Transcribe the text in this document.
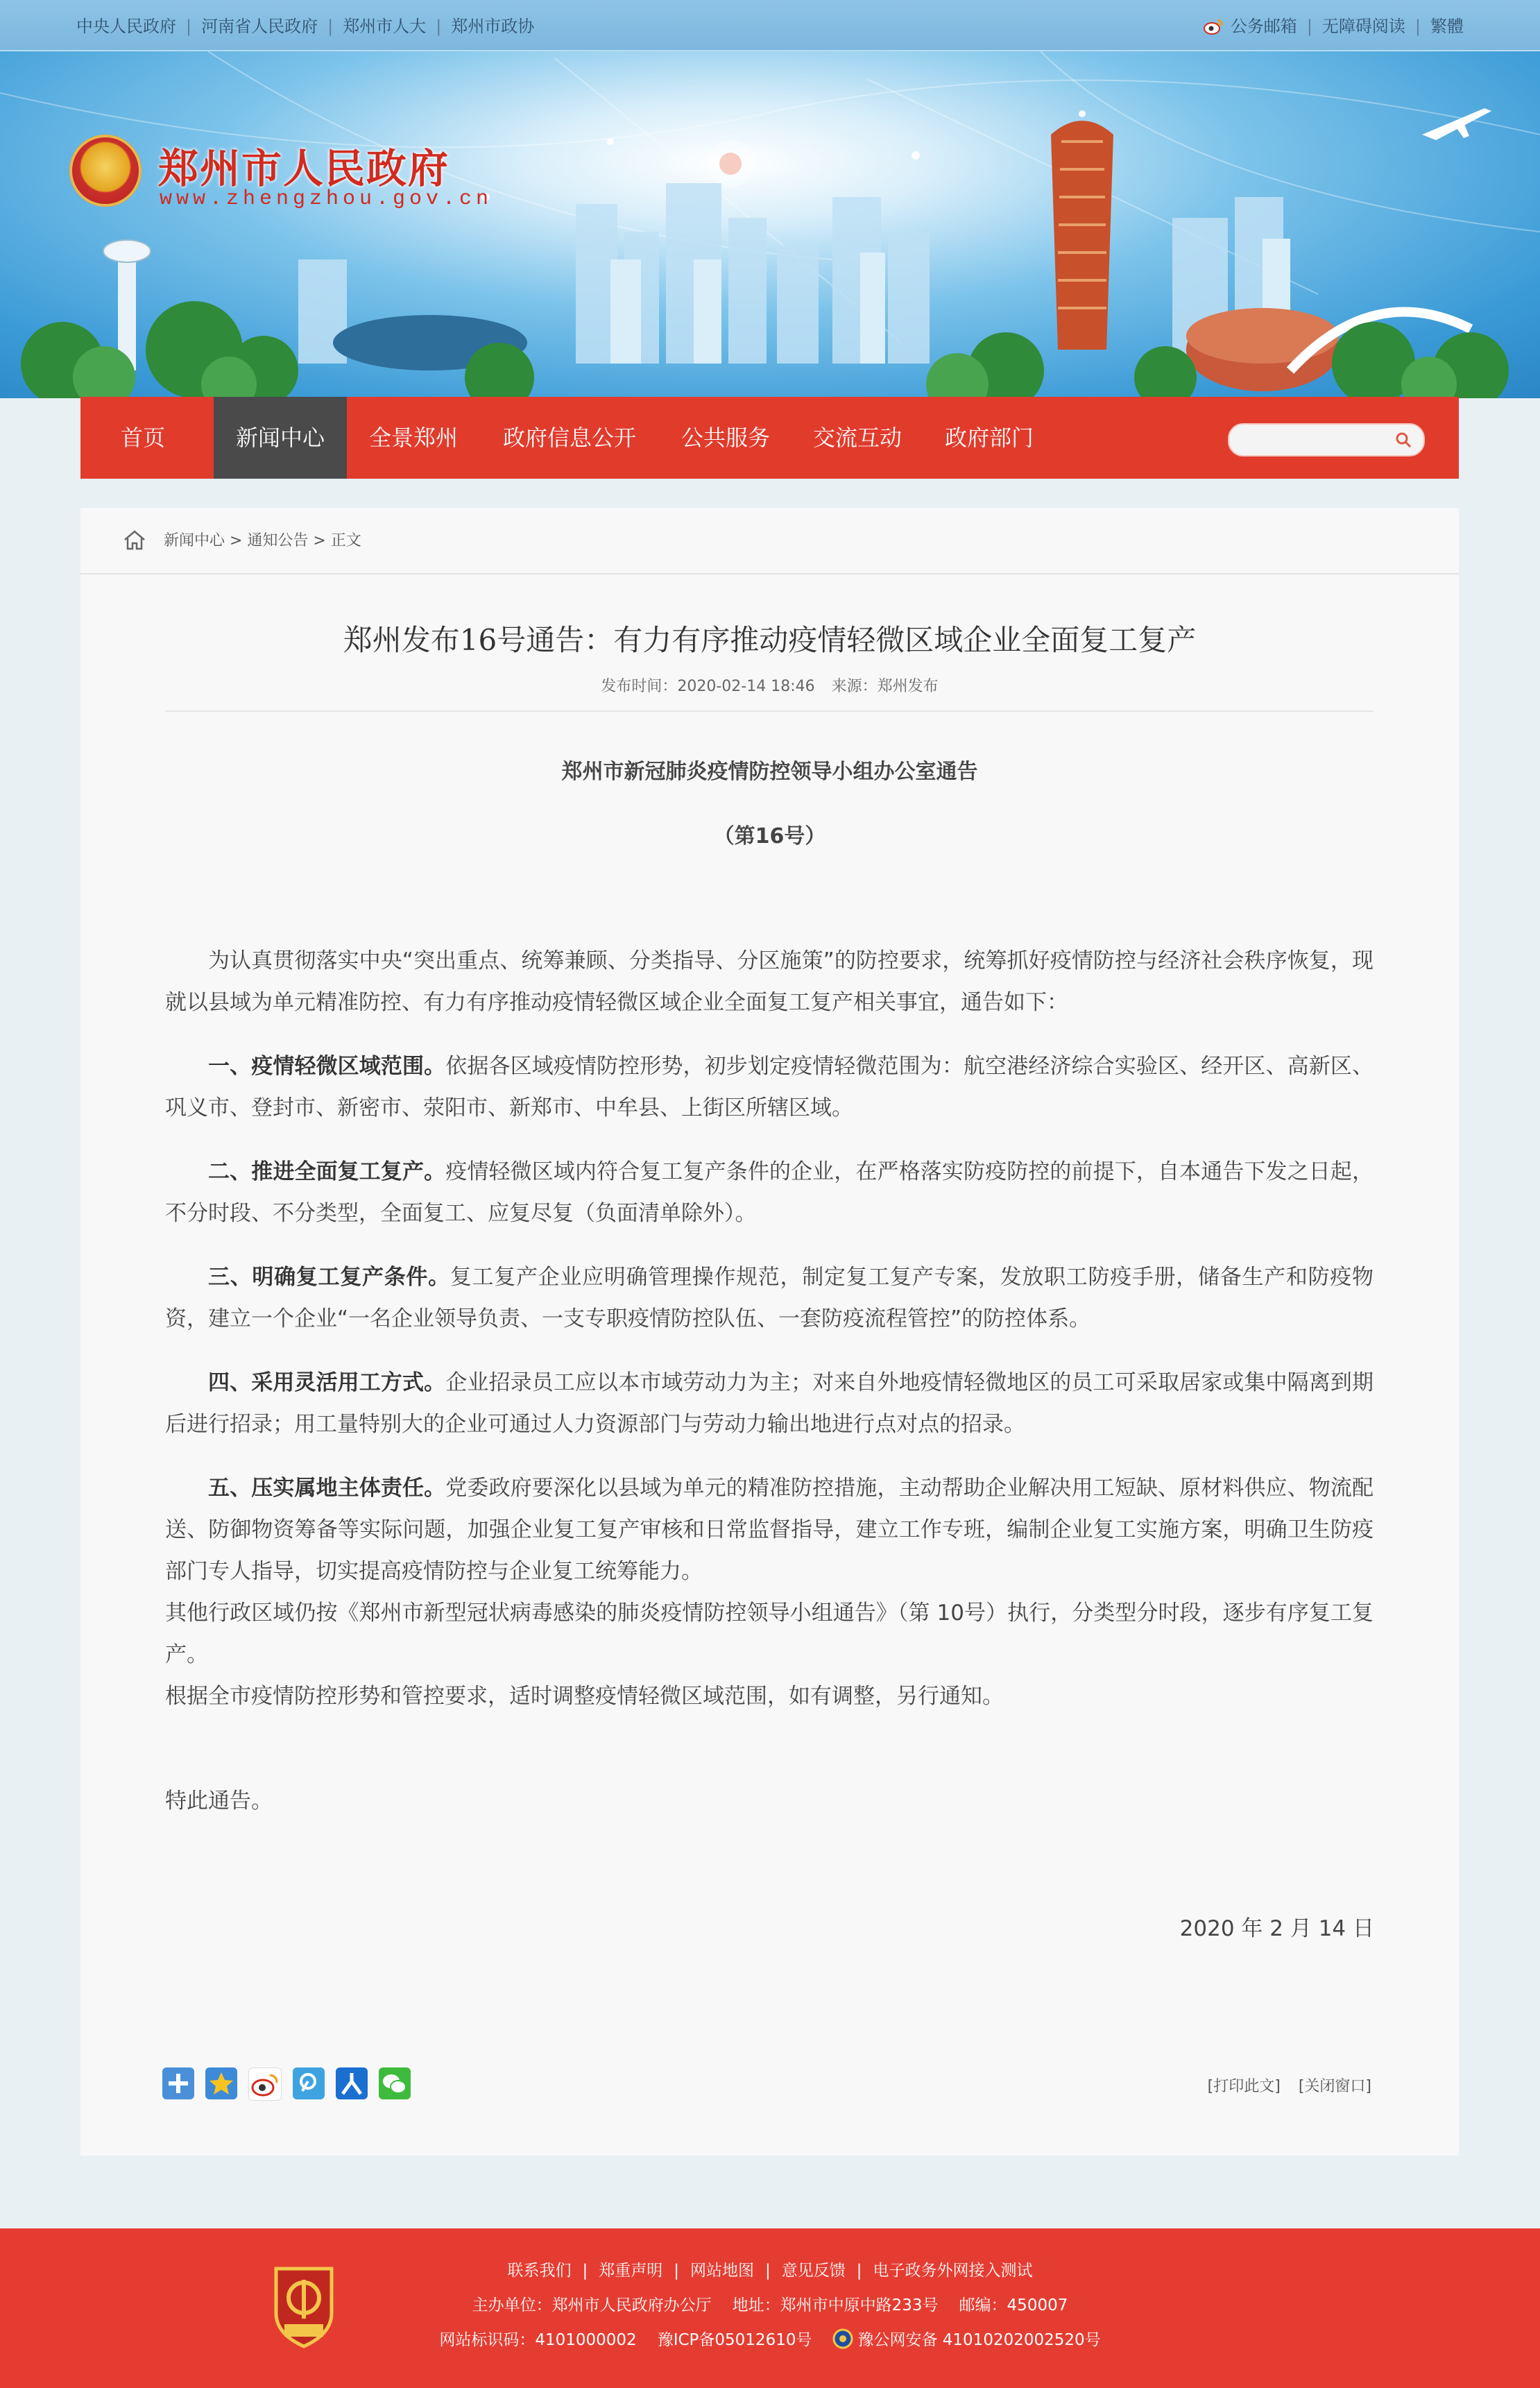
中央人民政府 | 河南省人民政府 | 郑州市人大 | 郑州市政协	公务邮箱 | 无障碍阅读 | 繁體
郑州市人民政府
www.zhengzhou.gov.cn
首页	新闻中心	全景郑州	政府信息公开	公共服务	交流互动	政府部门
新闻中心 > 通知公告 > 正文
郑州发布16号通告：有力有序推动疫情轻微区域企业全面复工复产
发布时间：2020-02-14 18:46 来源：郑州发布
郑州市新冠肺炎疫情防控领导小组办公室通告
（第16号）

为认真贯彻落实中央“突出重点、统筹兼顾、分类指导、分区施策”的防控要求，统筹抓好疫情防控与经济社会秩序恢复，现就以县域为单元精准防控、有力有序推动疫情轻微区域企业全面复工复产相关事宜，通告如下：

一、疫情轻微区域范围。依据各区域疫情防控形势，初步划定疫情轻微范围为：航空港经济综合实验区、经开区、高新区、巩义市、登封市、新密市、荥阳市、新郑市、中牟县、上街区所辖区域。

二、推进全面复工复产。疫情轻微区域内符合复工复产条件的企业，在严格落实防疫防控的前提下，自本通告下发之日起，不分时段、不分类型，全面复工、应复尽复（负面清单除外）。

三、明确复工复产条件。复工复产企业应明确管理操作规范，制定复工复产专案，发放职工防疫手册，储备生产和防疫物资，建立一个企业“一名企业领导负责、一支专职疫情防控队伍、一套防疫流程管控”的防控体系。

四、采用灵活用工方式。企业招录员工应以本市域劳动力为主；对来自外地疫情轻微地区的员工可采取居家或集中隔离到期后进行招录；用工量特别大的企业可通过人力资源部门与劳动力输出地进行点对点的招录。

五、压实属地主体责任。党委政府要深化以县域为单元的精准防控措施，主动帮助企业解决用工短缺、原材料供应、物流配送、防御物资筹备等实际问题，加强企业复工复产审核和日常监督指导，建立工作专班，编制企业复工实施方案，明确卫生防疫部门专人指导，切实提高疫情防控与企业复工统筹能力。

其他行政区域仍按《郑州市新型冠状病毒感染的肺炎疫情防控领导小组通告》（第 10号）执行，分类型分时段，逐步有序复工复产。

根据全市疫情防控形势和管控要求，适时调整疫情轻微区域范围，如有调整，另行通知。

特此通告。
2020 年 2 月 14 日
[打印此文] [关闭窗口]
联系我们 | 郑重声明 | 网站地图 | 意见反馈 | 电子政务外网接入测试
主办单位：郑州市人民政府办公厅 地址：郑州市中原中路233号 邮编：450007
网站标识码：4101000002 豫ICP备05012610号	豫公网安备 41010202002520号
